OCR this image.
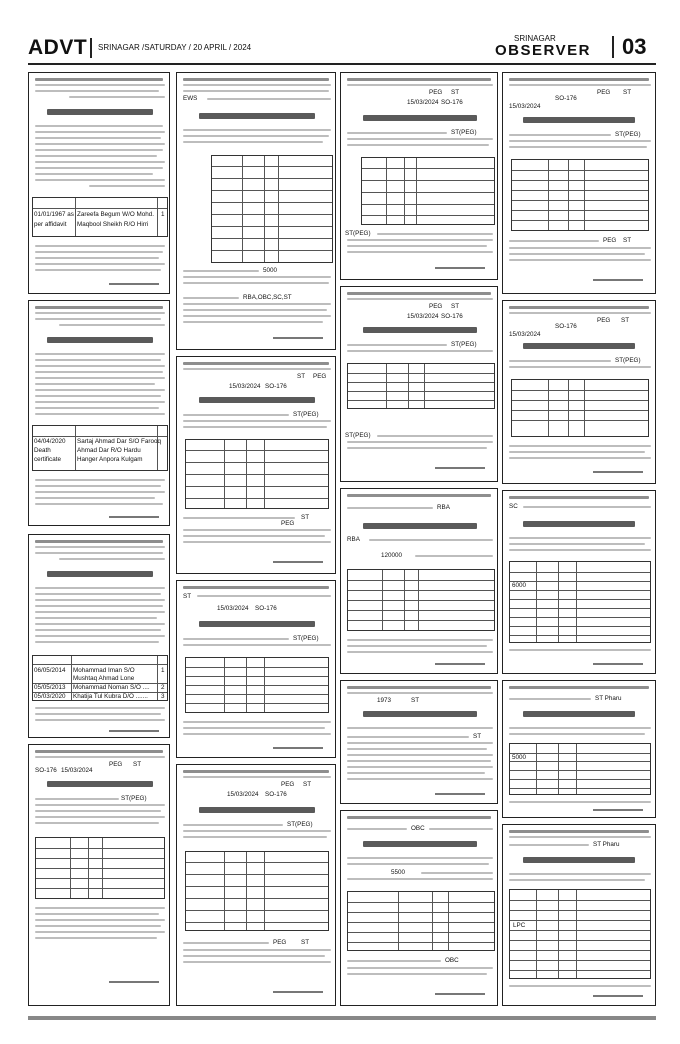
ADVT SRINAGAR /SATURDAY / 20 APRIL / 2024
SRINAGAR
OBSERVER 03
01/01/1967 as
per affidavit
Zareefa Begum W/O Mohd.
Maqbool Sheikh R/O Hirri
1
04/04/2020
Death
certificate
Sartaj Ahmad Dar S/O Farooq
Ahmad Dar R/O Hardu
Hanger Anpora Kulgam
06/05/2014
05/05/2013
05/03/2020
Mohammad Iman S/O
Mushtaq Ahmad Lone
Mohammad Noman S/O ....
Khatija Tul Kubra D/O .......
1
2
3
SO-176 15/03/2024
PEG ST
ST(PEG)
EWS
5000
RBA,OBC,SC,ST
ST PEG
SO-176
15/03/2024
ST(PEG)
ST
PEG
ST
SO-176
15/03/2024
ST(PEG)
ST
PEG
SO-176
15/03/2024
ST(PEG)
PEG ST
ST
PEG
SO-176
15/03/2024
ST(PEG)
ST(PEG)
ST
PEG
SO-176
15/03/2024
ST(PEG)
ST(PEG)
RBA
RBA
120000
ST
1973
ST
OBC
5500
OBC
ST
PEG
SO-176
15/03/2024
ST(PEG)
ST
PEG
ST
PEG
SO-176
15/03/2024
ST(PEG)
SC
6000
ST Pharu
5000
ST Pharu
LPC
